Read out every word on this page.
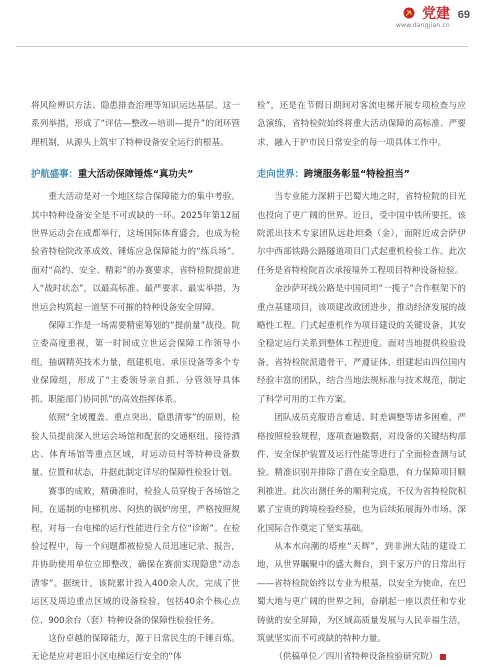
党建
www.dangjian.cn
69

将风险辨识方法、隐患排查治理等知识运达基层。这一系列举措，形成了“评估—整改—培训—提升”的闭环管理机制，从源头上筑牢了特种设备安全运行的根基。

护航盛事：重大活动保障锤炼“真功夫”

重大活动是对一个地区综合保障能力的集中考验。其中特种设备安全是不可或缺的一环。2025年第12届世界运动会在成都举行，这场国际体育盛会，也成为检验省特检院改革成效、锤炼应急保障能力的“练兵场”。面对“高约、安全、精彩”的办赛要求，省特检院提前进入“战时状态”，以最高标准、最严要求、最实举措，为世运会构筑起一道坚不可摧的特种设备安全屏障。

保障工作是一场需要精密筹划的“提前量”战役。院立委高度重视，第一时间成立世运会保障工作领导小组，抽调精英技术力量，组建机电、承压设备等多个专业保障组，形成了“主委领导亲自抓、分管领导具体抓、职能部门协同抓”的高效指挥体系。

依照“全域覆盖、重点突出、隐患清零”的原则，检验人员提前深入世运会场馆和配套的交通枢纽、接待酒店、体育场馆等重点区域，对运动员村等特种设备数量、位置和状态，并据此制定详尽的保障性检验计划。

赛事的成败，精确准时，检验人员穿梭于各场馆之间，在遥制的电梯机房、闷热的锅炉房里，严格按照规程，对每一台电梯的运行性能进行全方位“诊断”。在检验过程中，每一个问题都被检验人员迅速记录、报告，并协助使用单位立即整改，确保在赛前实现隐患“动态清零”。据统计，该院累计投入400余人次，完成了世运区及周边重点区域的设备检验，包括40余个核心点位、900余台（套）特种设备的保障性检验任务。

这份卓越的保障能力，源于日常民生的千锤百炼。无论是应对老旧小区电梯运行安全的“体

检”，还是在节假日期间对客流电梯开展专项检查与应急演练，省特检院始终将重大活动保障的高标准、严要求，融入于护市民日常安全的每一项具体工作中。

走向世界：跨境服务彰显“特检担当”

当专业能力深耕于巴蜀大地之时，省特检院的目光也投向了更广阔的世界。近日，受中国中铁所要托，该院派出技术专家团队远赴坦桑（金），面附近成会萨伊尔中西部铁路公路隧道项目门式起重机检验工作。此次任务是省特检院首次承接境外工程项目特种设备检验。

金沙萨环线公路是中国同坦“一揽子”合作框架下的重点基建项目，该项建改政团进步，推动经济发展的战略性工程。门式起重机作为项目建设的关键设备，其安全稳定运行关系到整体工程进度。面对当地提供检验设备，省特检院派遣骨干，严遵证体，组建起由四位国内经验丰富的团队，结合当地法规标准与技术规范，制定了科学可用的工作方案。

团队成员克服语言难适、时差调整等诸多困难，严格按照检验规程，逐项查遍数据，对设备的关键结构部件、安全保护装置及运行性能等进行了全面检查测与试验。精准识别并排除了潜在安全隐患，有力保障项目顺利推进。此次出测任务的顺利完成，不仅为省特检院积累了宝贵的跨境检验经验，也为后续拓展海外市场、深化国际合作奠定了坚实基础。

从本水向潮的塔座“天辉”，到非洲大陆的建设工地，从世界瞩聚中的盛大舞台，到千家万户的日常出行——省特检院始终以专业为根基，以安全为使命，在巴蜀大地与更广阔的世界之间，奋刷起一座以责任和专业铸就的安全屏障，为区域高质量发展与人民幸福生活，筑就坚实而不可或缺的特种力量。

（供稿单位／四川省特种设备检验研究院）
